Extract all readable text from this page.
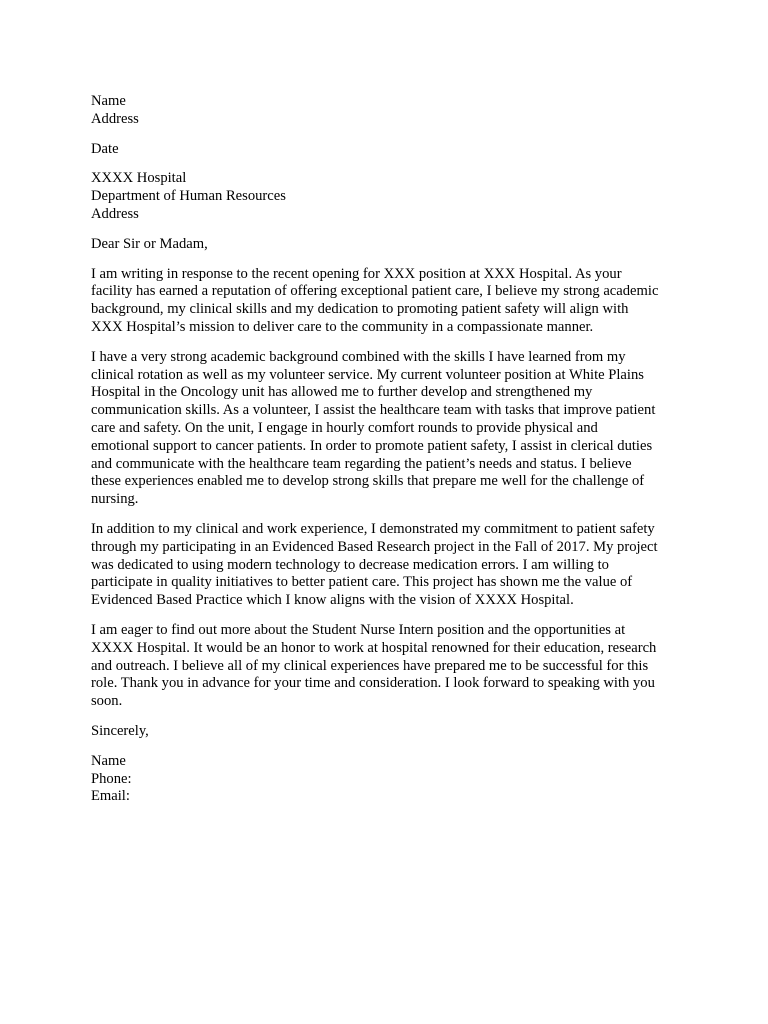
Name
Address
Date
XXXX Hospital
Department of Human Resources
Address
Dear Sir or Madam,

I am writing in response to the recent opening for XXX position at XXX Hospital. As your
facility has earned a reputation of offering exceptional patient care, I believe my strong academic
background, my clinical skills and my dedication to promoting patient safety will align with
XXX Hospital’s mission to deliver care to the community in a compassionate manner.

I have a very strong academic background combined with the skills I have learned from my
clinical rotation as well as my volunteer service. My current volunteer position at White Plains
Hospital in the Oncology unit has allowed me to further develop and strengthened my
communication skills. As a volunteer, I assist the healthcare team with tasks that improve patient
care and safety. On the unit, I engage in hourly comfort rounds to provide physical and
emotional support to cancer patients. In order to promote patient safety, I assist in clerical duties
and communicate with the healthcare team regarding the patient’s needs and status. I believe
these experiences enabled me to develop strong skills that prepare me well for the challenge of
nursing.

In addition to my clinical and work experience, I demonstrated my commitment to patient safety
through my participating in an Evidenced Based Research project in the Fall of 2017. My project
was dedicated to using modern technology to decrease medication errors. I am willing to
participate in quality initiatives to better patient care. This project has shown me the value of
Evidenced Based Practice which I know aligns with the vision of XXXX Hospital.

I am eager to find out more about the Student Nurse Intern position and the opportunities at
XXXX Hospital. It would be an honor to work at hospital renowned for their education, research
and outreach. I believe all of my clinical experiences have prepared me to be successful for this
role. Thank you in advance for your time and consideration. I look forward to speaking with you
soon.

Sincerely,
Name
Phone:
Email:
